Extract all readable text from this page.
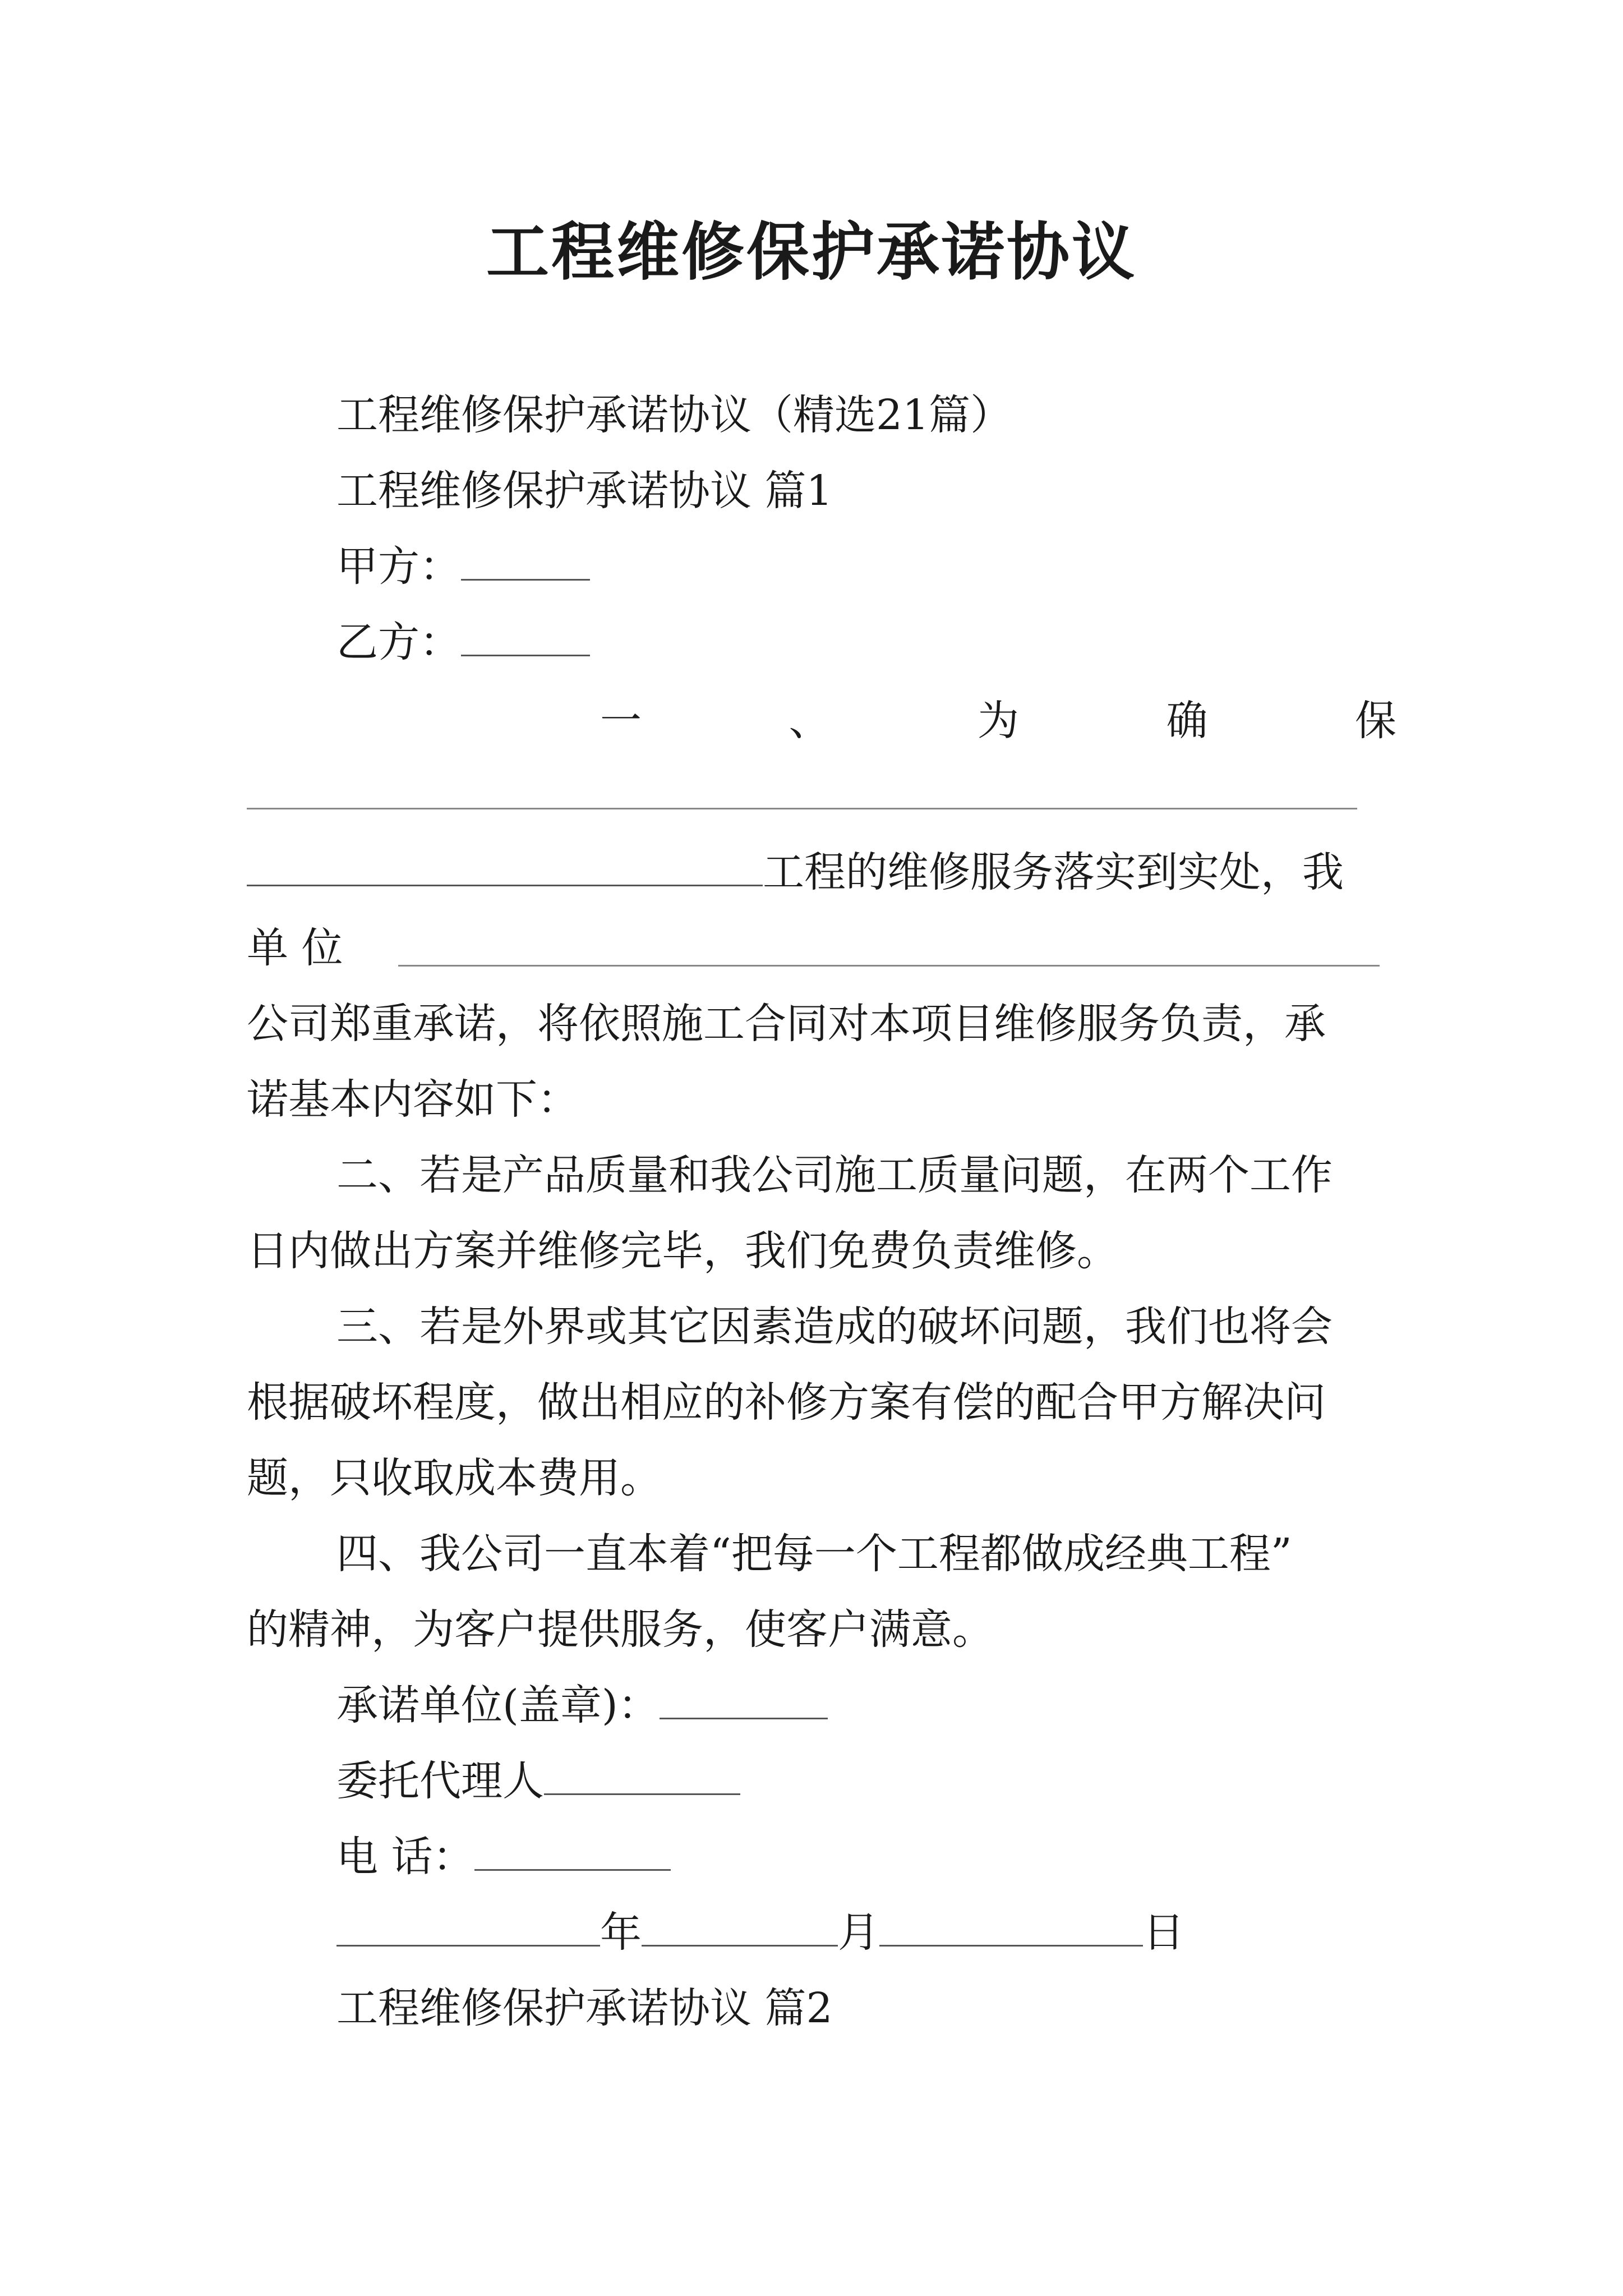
工程维修保护承诺协议
工程维修保护承诺协议（精选21篇）
工程维修保护承诺协议 篇1
甲方：
乙方：
一	、	为	确	保
工程的维修服务落实到实处，我
单 位
公司郑重承诺，将依照施工合同对本项目维修服务负责，承
诺基本内容如下：
二、若是产品质量和我公司施工质量问题，在两个工作
日内做出方案并维修完毕，我们免费负责维修。
三、若是外界或其它因素造成的破坏问题，我们也将会
根据破坏程度，做出相应的补修方案有偿的配合甲方解决问
题，只收取成本费用。
四、我公司一直本着“把每一个工程都做成经典工程”
的精神，为客户提供服务，使客户满意。
承诺单位(盖章)：
委托代理人
电 话：
年	月	日
工程维修保护承诺协议 篇2
